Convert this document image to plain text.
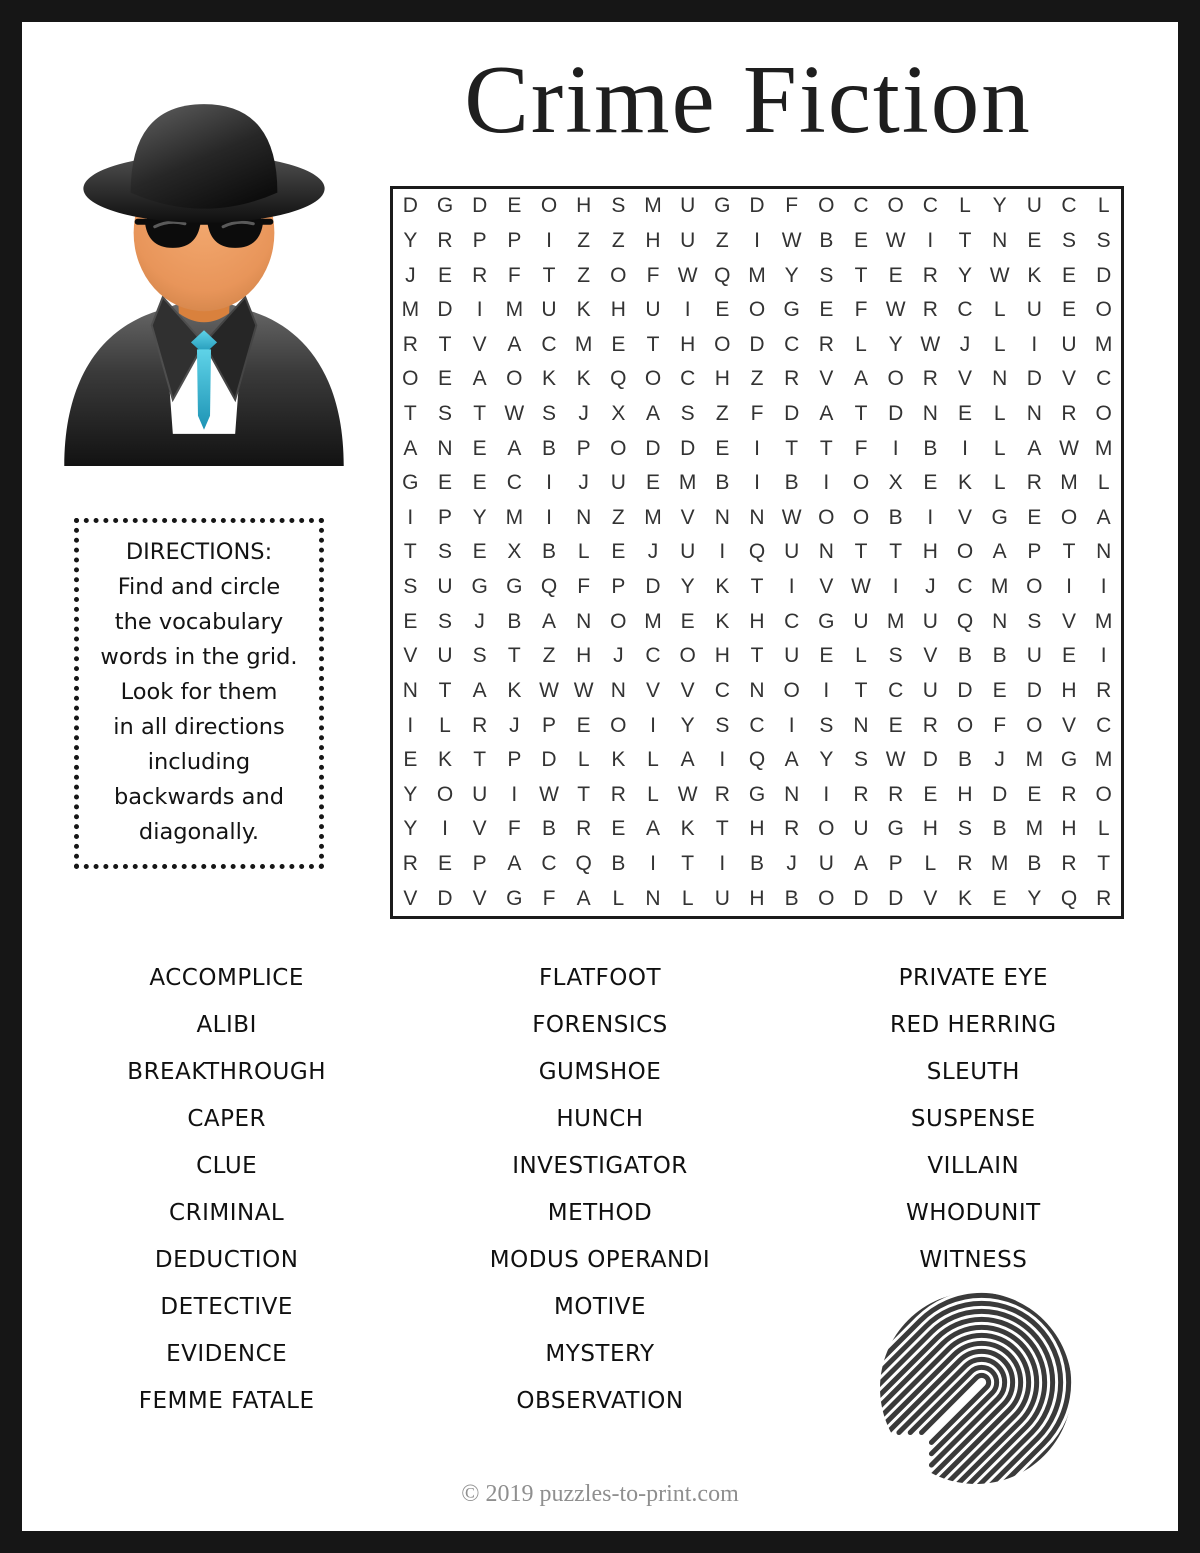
Crime Fiction
DIRECTIONS:
Find and circle
the vocabulary
words in the grid.
Look for them
in all directions
including
backwards and
diagonally.
D G D E O H S M U G D F O C O C	L	Y U C	L
Y R P P	I	Z	Z H U Z	I	W B E W	I	T N E S S
J	E R F	T	Z O F W Q M Y S	T	E R Y W K E D
M D	I	M U K H U	I	E O G E	F W R C	L	U E O
R T	V A C M E	T H O D C R	L	Y W J	L	I	U M
O E A O K K Q O C H Z R V A O R V N D V C
T	S	T W S	J	X A S	Z	F D A	T D N E	L	N R O
A N E A B P O D D E	I	T	T	F	I	B	I	L	A W M
G E E C	I	J	U E M B	I	B	I	O X E K	L	R M L
I	P Y M	I	N Z M V N N W O O B	I	V G E O A
T	S E X B	L	E	J	U	I	Q U N T	T H O A P	T N
S U G G Q F	P D Y K	T	I	V W	I	J	C M O	I	I
E S	J	B A N O M E K H C G U M U Q N S V M
V U S	T	Z H	J	C O H T U E	L	S V B B U E	I
N T	A K W W N V V C N O	I	T C U D E D H R
I	L	R	J	P E O	I	Y S C	I	S N E R O F O V C
E K	T	P D	L	K	L	A	I	Q A Y S W D B	J M G M
Y O U	I	W T R	L W R G N	I	R R E H D E R O
Y	I	V	F	B R E A K	T H R O U G H S B M H	L
R E P A C Q B	I	T	I	B	J	U A P	L	R M B R T
V D V G F	A	L	N	L	U H B O D D V K E Y Q R
ACCOMPLICE
ALIBI
BREAKTHROUGH
CAPER
CLUE
CRIMINAL
DEDUCTION
DETECTIVE
EVIDENCE
FEMME FATALE
FLATFOOT
FORENSICS
GUMSHOE
HUNCH
INVESTIGATOR
METHOD
MODUS OPERANDI
MOTIVE
MYSTERY
OBSERVATION
PRIVATE EYE
RED HERRING
SLEUTH
SUSPENSE
VILLAIN
WHODUNIT
WITNESS
© 2019 puzzles-to-print.com
